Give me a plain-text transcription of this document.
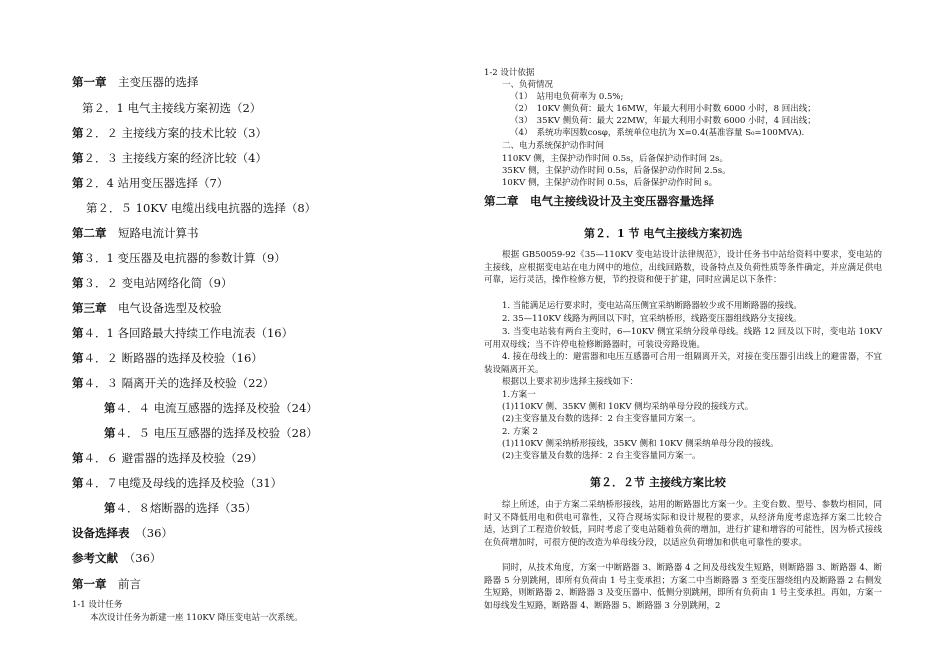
第一章　主变压器的选择
第２．1 电气主接线方案初选（2）
第２．２ 主接线方案的技术比较（3）
第２．３ 主接线方案的经济比较（4）
第２．4 站用变压器选择（7）
第２．５ 10KV 电缆出线电抗器的选择（8）
第二章　短路电流计算书
第３．1 变压器及电抗器的参数计算（9）
第３．２ 变电站网络化简（9）
第三章　电气设备选型及校验
第４．1 各回路最大持续工作电流表（16）
第４．２ 断路器的选择及校验（16）
第４．３ 隔离开关的选择及校验（22）
第４．４ 电流互感器的选择及校验（24）
第４．５ 电压互感器的选择及校验（28）
第４．６ 避雷器的选择及校验（29）
第４．７电缆及母线的选择及校验（31）
第４．８熔断器的选择（35）
设备选择表　（36）
参考文献　（36）
第一章　前言
1-1 设计任务
本次设计任务为新建一座 110KV 降压变电站一次系统。
第二章　电气主接线设计及主变压器容量选择
第２．1 节 电气主接线方案初选
第２．２节 主接线方案比较
1-2 设计依据
一、负荷情况
（1）　站用电负荷率为 0.5%;
（2）　10KV 侧负荷：最大 16MW，年最大利用小时数 6000 小时，8 回出线；
（3）　35KV 侧负荷：最大 22MW，年最大利用小时数 6000 小时，4 回出线；
（4）　系统功率因数cosφ，系统单位电抗为 X=0.4(基准容量 S₀=100MVA).
二、电力系统保护动作时间
110KV 侧，主保护动作时间 0.5s，后备保护动作时间 2s。
35KV 侧，主保护动作时间 0.5s，后备保护动作时间 2.5s。
10KV 侧，主保护动作时间 0.5s，后备保护动作时间 s。
根据以上要求初步选择主接线如下：
1.方案一
(1)110KV 侧、35KV 侧和 10KV 侧均采纳单母分段的接线方式。
(2)主变容量及台数的选择：2 台主变容量同方案一。
2. 方案 2
(1)110KV 侧采纳桥形接线，35KV 侧和 10KV 侧采纳单母分段的接线。
(2)主变容量及台数的选择：2 台主变容量同方案一。
根据 GB50059-92《35—110KV 变电站设计法律规范》，设计任务书中站给资料中要求，变电站的主接线，应根据变电站在电力网中的地位，出线回路数，设备特点及负荷性质等条件确定，并应满足供电可靠，运行灵活，操作检修方便，节约投资和便于扩建，同时应满足以下条件：
1. 当能满足运行要求时，变电站高压侧宜采纳断路器较少或不用断路器的接线。
2. 35—110KV 线路为两回以下时，宜采纳桥形，线路变压器组线路分支接线。
3. 当变电站装有两台主变时，6—10KV 侧宜采纳分段单母线。线路 12 回及以下时，变电站 10KV 可用双母线；当不许停电检修断路器时，可装设旁路设施。
4. 接在母线上的：避雷器和电压互感器可合用一组隔离开关，对接在变压器引出线上的避雷器，不宜装设隔离开关。
综上所述，由于方案二采纳桥形接线，站用的断路器比方案一少。主变台数、型号、参数均相同，同时又不降低用电和供电可靠性，又符合现场实际和设计规程的要求，从经济角度考虑选择方案二比较合适，达到了工程造价较低，同时考虑了变电站随着负荷的增加，进行扩建和增容的可能性，因为桥式接线在负荷增加时，可很方便的改造为单母线分段，以适应负荷增加和供电可靠性的要求。
同时，从技术角度，方案一中断路器 3、断路器 4 之间及母线发生短路，则断路器 3、断路器 4、断路器 5 分别跳闸，即所有负荷由 1 号主变承担；方案二中当断路器 3 至变压器绕组内及断路器 2 右侧发生短路，则断路器 2、断路器 3 及变压器中、低侧分别跳闸，即所有负荷由 1 号主变承担。再如，方案一如母线发生短路，断路器 4、断路器 5、断路器 3 分别跳闸，2
